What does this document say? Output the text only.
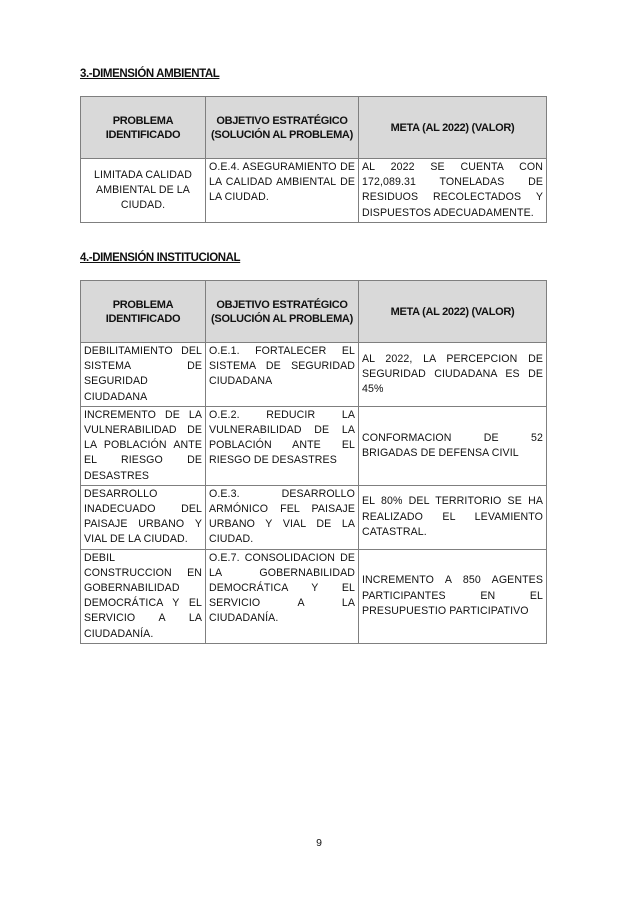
3.-DIMENSIÓN AMBIENTAL
PROBLEMA IDENTIFICADO	OBJETIVO ESTRATÉGICO (SOLUCIÓN AL PROBLEMA)	META (AL 2022) (VALOR)
LIMITADA CALIDAD AMBIENTAL DE LA CIUDAD.	O.E.4. ASEGURAMIENTO DE LA CALIDAD AMBIENTAL DE LA CIUDAD.	AL 2022 SE CUENTA CON 172,089.31 TONELADAS DE RESIDUOS RECOLECTADOS Y DISPUESTOS ADECUADAMENTE.
4.-DIMENSIÓN INSTITUCIONAL
PROBLEMA IDENTIFICADO	OBJETIVO ESTRATÉGICO (SOLUCIÓN AL PROBLEMA)	META (AL 2022) (VALOR)
DEBILITAMIENTO DEL SISTEMA DE SEGURIDAD CIUDADANA	O.E.1. FORTALECER EL SISTEMA DE SEGURIDAD CIUDADANA	AL 2022, LA PERCEPCION DE SEGURIDAD CIUDADANA ES DE 45%
INCREMENTO DE LA VULNERABILIDAD DE LA POBLACIÓN ANTE EL RIESGO DE DESASTRES	O.E.2. REDUCIR LA VULNERABILIDAD DE LA POBLACIÓN ANTE EL RIESGO DE DESASTRES	CONFORMACION DE 52 BRIGADAS DE DEFENSA CIVIL
DESARROLLO INADECUADO DEL PAISAJE URBANO Y VIAL DE LA CIUDAD.	O.E.3. DESARROLLO ARMÓNICO FEL PAISAJE URBANO Y VIAL DE LA CIUDAD.	EL 80% DEL TERRITORIO SE HA REALIZADO EL LEVAMIENTO CATASTRAL.
DEBIL CONSTRUCCION EN GOBERNABILIDAD DEMOCRÁTICA Y EL SERVICIO A LA CIUDADANÍA.	O.E.7. CONSOLIDACION DE LA GOBERNABILIDAD DEMOCRÁTICA Y EL SERVICIO A LA CIUDADANÍA.	INCREMENTO A 850 AGENTES PARTICIPANTES EN EL PRESUPUESTIO PARTICIPATIVO
9
